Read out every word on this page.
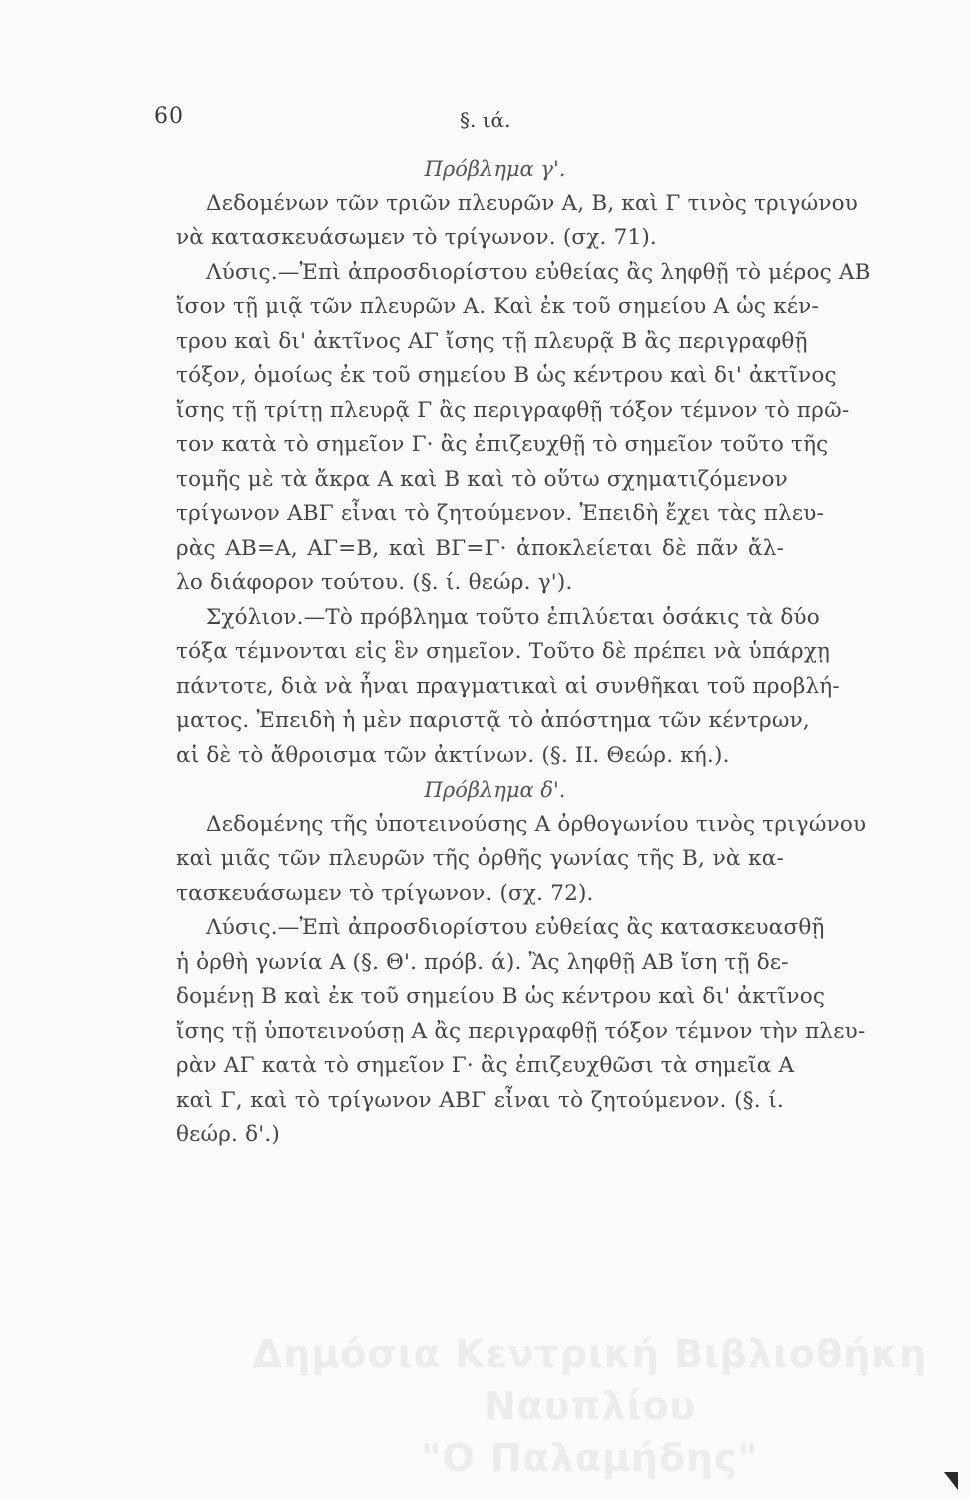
60	§. ιά.
Πρόβλημα γ'.
Δεδομένων τῶν τριῶν πλευρῶν Α, Β, καὶ Γ τινὸς τριγώνου
νὰ κατασκευάσωμεν τὸ τρίγωνον. (σχ. 71).
Λύσις.—Ἐπὶ ἀπροσδιορίστου εὐθείας ἂς ληφθῇ τὸ μέρος ΑΒ
ἴσον τῇ μιᾷ τῶν πλευρῶν Α. Καὶ ἐκ τοῦ σημείου Α ὡς κέν-
τρου καὶ δι' ἀκτῖνος ΑΓ ἴσης τῇ πλευρᾷ Β ἂς περιγραφθῇ
τόξον, ὁμοίως ἐκ τοῦ σημείου Β ὡς κέντρου καὶ δι' ἀκτῖνος
ἴσης τῇ τρίτῃ πλευρᾷ Γ ἂς περιγραφθῇ τόξον τέμνον τὸ πρῶ-
τον κατὰ τὸ σημεῖον Γ· ἂς ἐπιζευχθῇ τὸ σημεῖον τοῦτο τῆς
τομῆς μὲ τὰ ἄκρα Α καὶ Β καὶ τὸ οὕτω σχηματιζόμενον
τρίγωνον ΑΒΓ εἶναι τὸ ζητούμενον. Ἐπειδὴ ἔχει τὰς πλευ-
ρὰς ΑΒ=Α, ΑΓ=Β, καὶ ΒΓ=Γ· ἀποκλείεται δὲ πᾶν ἄλ-
λο διάφορον τούτου. (§. ί. θεώρ. γ').
Σχόλιον.—Τὸ πρόβλημα τοῦτο ἐπιλύεται ὁσάκις τὰ δύο
τόξα τέμνονται εἰς ἓν σημεῖον. Τοῦτο δὲ πρέπει νὰ ὑπάρχῃ
πάντοτε, διὰ νὰ ἦναι πραγματικαὶ αἱ συνθῆκαι τοῦ προβλή-
ματος. Ἐπειδὴ ἡ μὲν παριστᾷ τὸ ἀπόστημα τῶν κέντρων,
αἱ δὲ τὸ ἄθροισμα τῶν ἀκτίνων. (§. ΙΙ. Θεώρ. κή.).
Πρόβλημα δ'.
Δεδομένης τῆς ὑποτεινούσης Α ὀρθογωνίου τινὸς τριγώνου
καὶ μιᾶς τῶν πλευρῶν τῆς ὀρθῆς γωνίας τῆς Β, νὰ κα-
τασκευάσωμεν τὸ τρίγωνον. (σχ. 72).
Λύσις.—Ἐπὶ ἀπροσδιορίστου εὐθείας ἂς κατασκευασθῇ
ἡ ὀρθὴ γωνία Α (§. Θ'. πρόβ. ά). Ἂς ληφθῇ ΑΒ ἴση τῇ δε-
δομένῃ Β καὶ ἐκ τοῦ σημείου Β ὡς κέντρου καὶ δι' ἀκτῖνος
ἴσης τῇ ὑποτεινούσῃ Α ἂς περιγραφθῇ τόξον τέμνον τὴν πλευ-
ρὰν ΑΓ κατὰ τὸ σημεῖον Γ· ἂς ἐπιζευχθῶσι τὰ σημεῖα Α
καὶ Γ, καὶ τὸ τρίγωνον ΑΒΓ εἶναι τὸ ζητούμενον. (§. ί.
θεώρ. δ'.)
Δημόσια Κεντρική Βιβλιοθήκη Ναυπλίου
"Ο Παλαμήδης"
